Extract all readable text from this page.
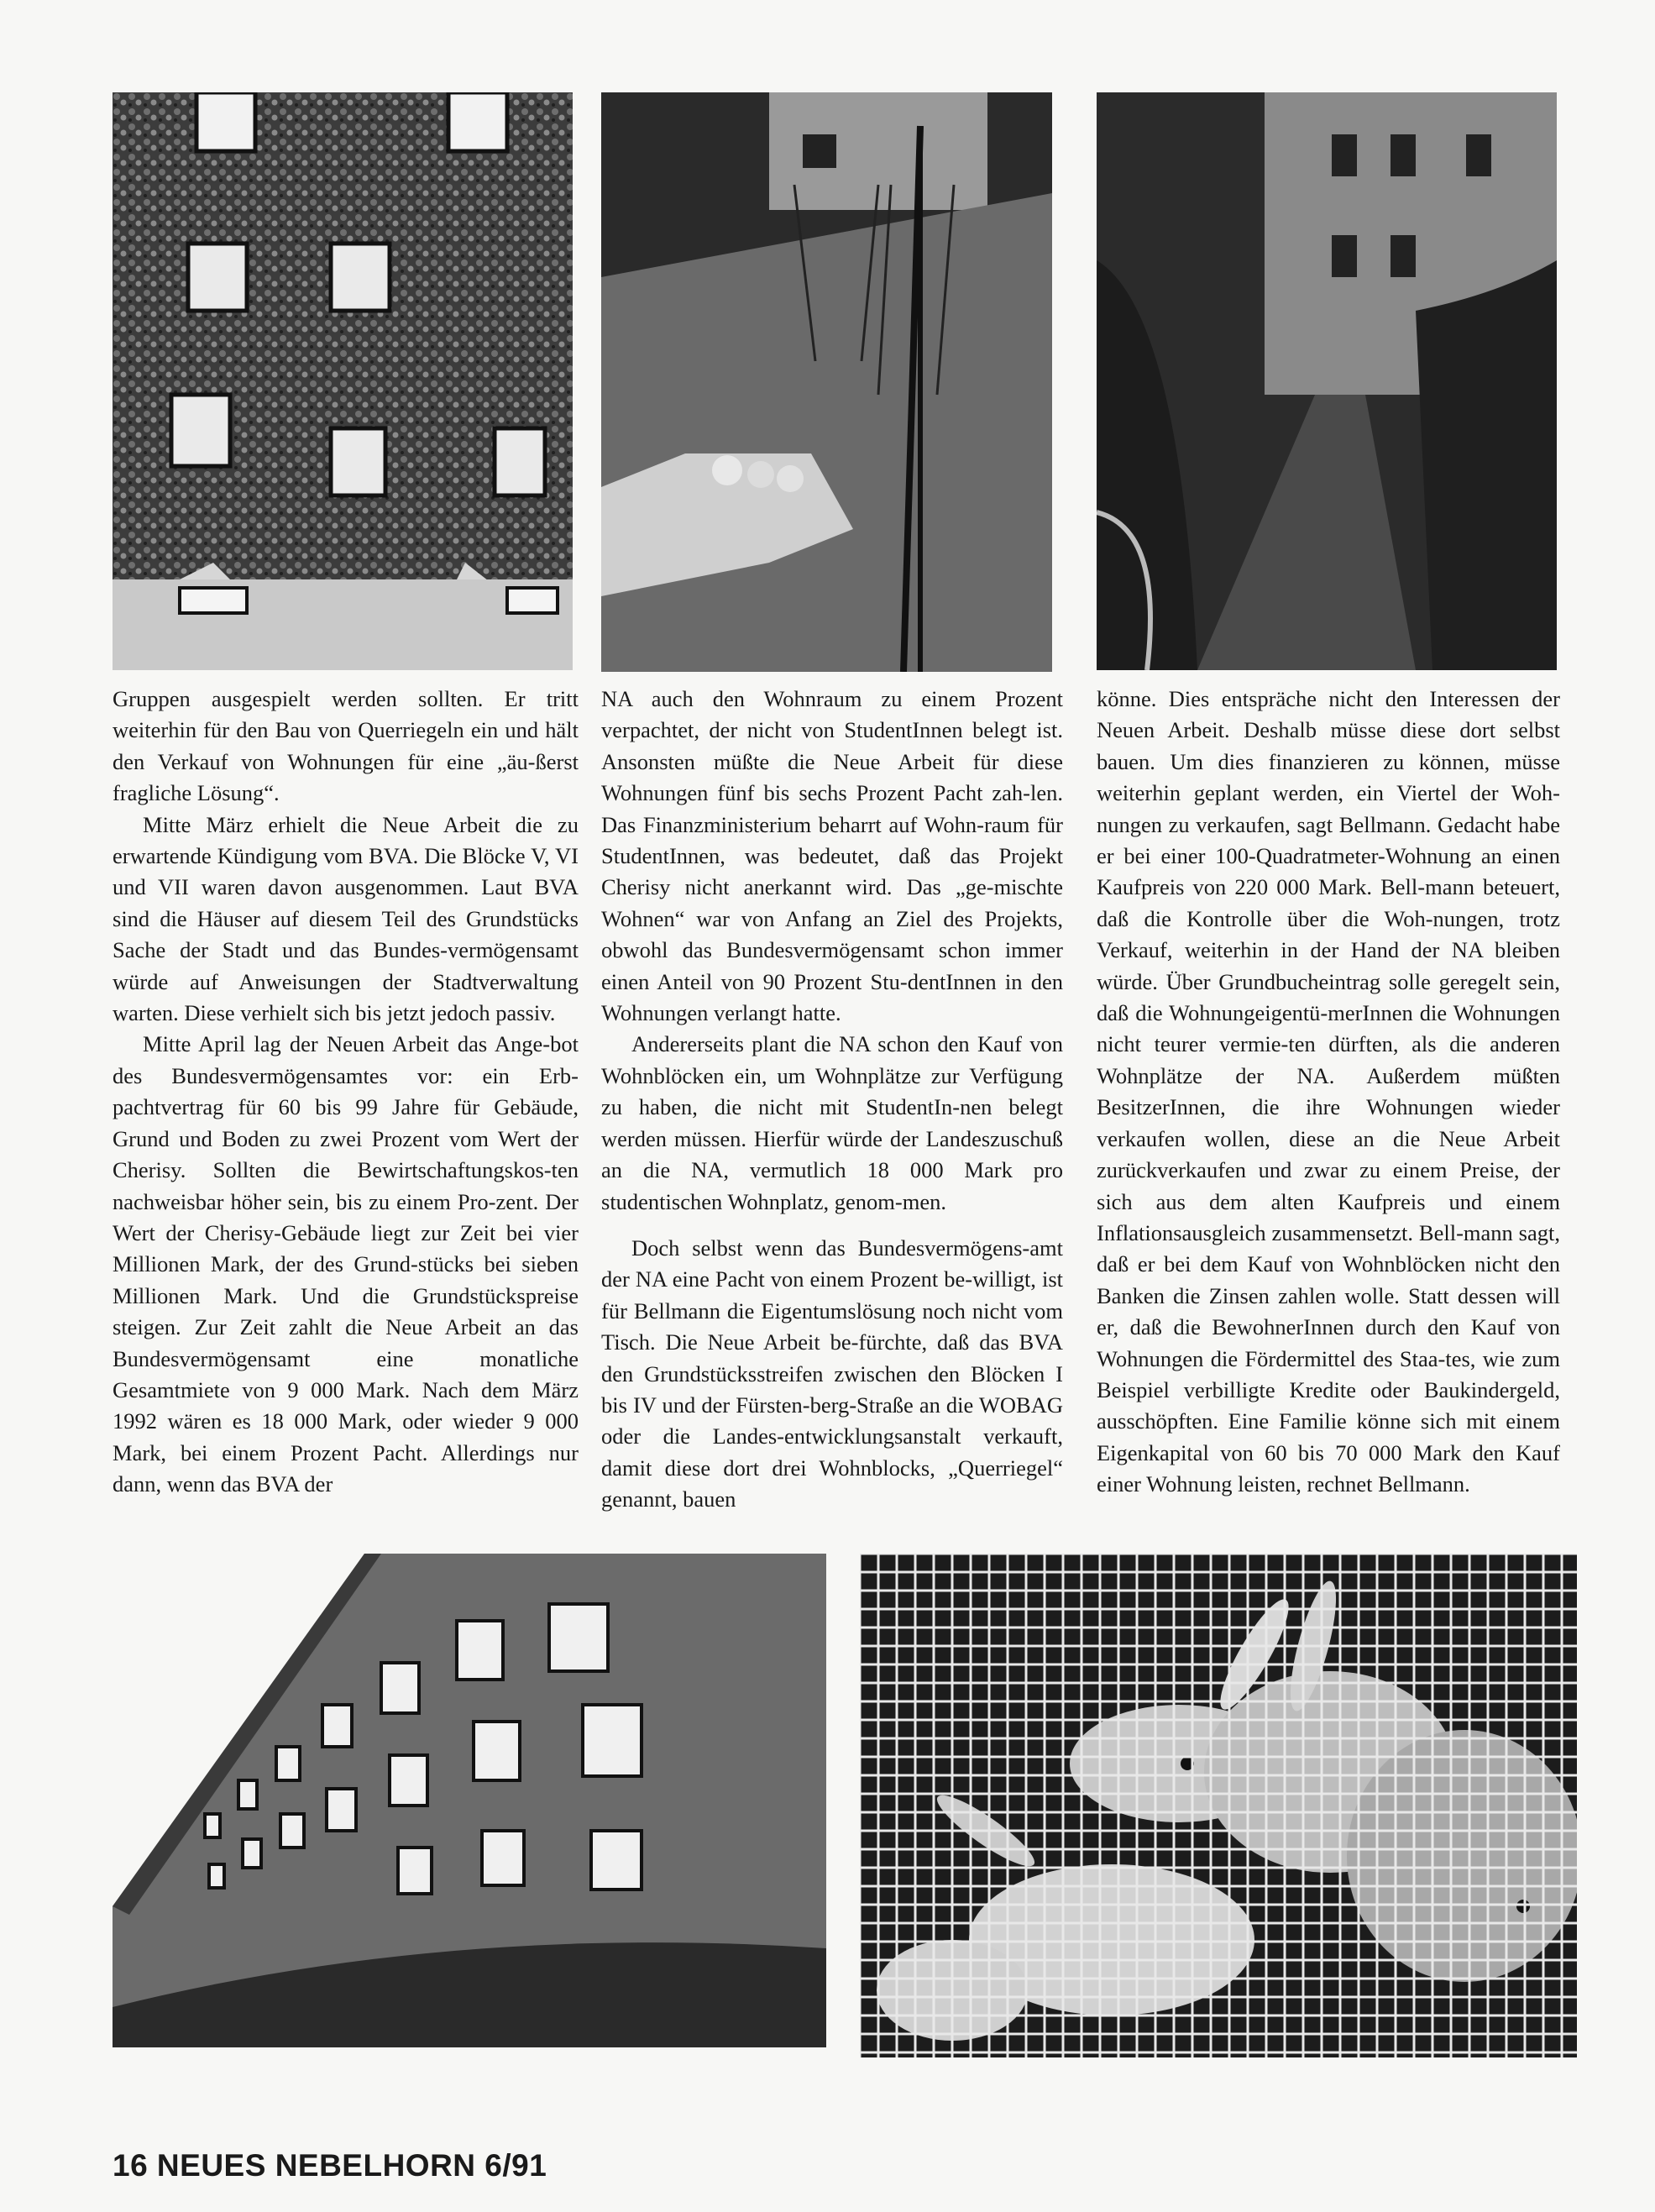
Gruppen ausgespielt werden sollten. Er tritt weiterhin für den Bau von Querriegeln ein und hält den Verkauf von Wohnungen für eine „äu-ßerst fragliche Lösung“.

Mitte März erhielt die Neue Arbeit die zu erwartende Kündigung vom BVA. Die Blöcke V, VI und VII waren davon ausgenommen. Laut BVA sind die Häuser auf diesem Teil des Grundstücks Sache der Stadt und das Bundes-vermögensamt würde auf Anweisungen der Stadtverwaltung warten. Diese verhielt sich bis jetzt jedoch passiv.

Mitte April lag der Neuen Arbeit das Ange-bot des Bundesvermögensamtes vor: ein Erb-pachtvertrag für 60 bis 99 Jahre für Gebäude, Grund und Boden zu zwei Prozent vom Wert der Cherisy. Sollten die Bewirtschaftungskos-ten nachweisbar höher sein, bis zu einem Pro-zent. Der Wert der Cherisy-Gebäude liegt zur Zeit bei vier Millionen Mark, der des Grund-stücks bei sieben Millionen Mark. Und die Grundstückspreise steigen. Zur Zeit zahlt die Neue Arbeit an das Bundesvermögensamt eine monatliche Gesamtmiete von 9 000 Mark. Nach dem März 1992 wären es 18 000 Mark, oder wieder 9 000 Mark, bei einem Prozent Pacht. Allerdings nur dann, wenn das BVA der

NA auch den Wohnraum zu einem Prozent verpachtet, der nicht von StudentInnen belegt ist. Ansonsten müßte die Neue Arbeit für diese Wohnungen fünf bis sechs Prozent Pacht zah-len. Das Finanzministerium beharrt auf Wohn-raum für StudentInnen, was bedeutet, daß das Projekt Cherisy nicht anerkannt wird. Das „ge-mischte Wohnen“ war von Anfang an Ziel des Projekts, obwohl das Bundesvermögensamt schon immer einen Anteil von 90 Prozent Stu-dentInnen in den Wohnungen verlangt hatte.

Andererseits plant die NA schon den Kauf von Wohnblöcken ein, um Wohnplätze zur Verfügung zu haben, die nicht mit StudentIn-nen belegt werden müssen. Hierfür würde der Landeszuschuß an die NA, vermutlich 18 000 Mark pro studentischen Wohnplatz, genom-men.

Doch selbst wenn das Bundesvermögens-amt der NA eine Pacht von einem Prozent be-willigt, ist für Bellmann die Eigentumslösung noch nicht vom Tisch. Die Neue Arbeit be-fürchte, daß das BVA den Grundstücksstreifen zwischen den Blöcken I bis IV und der Fürsten-berg-Straße an die WOBAG oder die Landes-entwicklungsanstalt verkauft, damit diese dort drei Wohnblocks, „Querriegel“ genannt, bauen

könne. Dies entspräche nicht den Interessen der Neuen Arbeit. Deshalb müsse diese dort selbst bauen. Um dies finanzieren zu können, müsse weiterhin geplant werden, ein Viertel der Woh-nungen zu verkaufen, sagt Bellmann. Gedacht habe er bei einer 100-Quadratmeter-Wohnung an einen Kaufpreis von 220 000 Mark. Bell-mann beteuert, daß die Kontrolle über die Woh-nungen, trotz Verkauf, weiterhin in der Hand der NA bleiben würde. Über Grundbucheintrag solle geregelt sein, daß die Wohnungeigentü-merInnen die Wohnungen nicht teurer vermie-ten dürften, als die anderen Wohnplätze der NA. Außerdem müßten BesitzerInnen, die ihre Wohnungen wieder verkaufen wollen, diese an die Neue Arbeit zurückverkaufen und zwar zu einem Preise, der sich aus dem alten Kaufpreis und einem Inflationsausgleich zusammensetzt. Bell-mann sagt, daß er bei dem Kauf von Wohnblöcken nicht den Banken die Zinsen zahlen wolle. Statt dessen will er, daß die BewohnerInnen durch den Kauf von Wohnungen die Fördermittel des Staa-tes, wie zum Beispiel verbilligte Kredite oder Baukindergeld, ausschöpften. Eine Familie könne sich mit einem Eigenkapital von 60 bis 70 000 Mark den Kauf einer Wohnung leisten, rechnet Bellmann.

16 NEUES NEBELHORN 6/91
